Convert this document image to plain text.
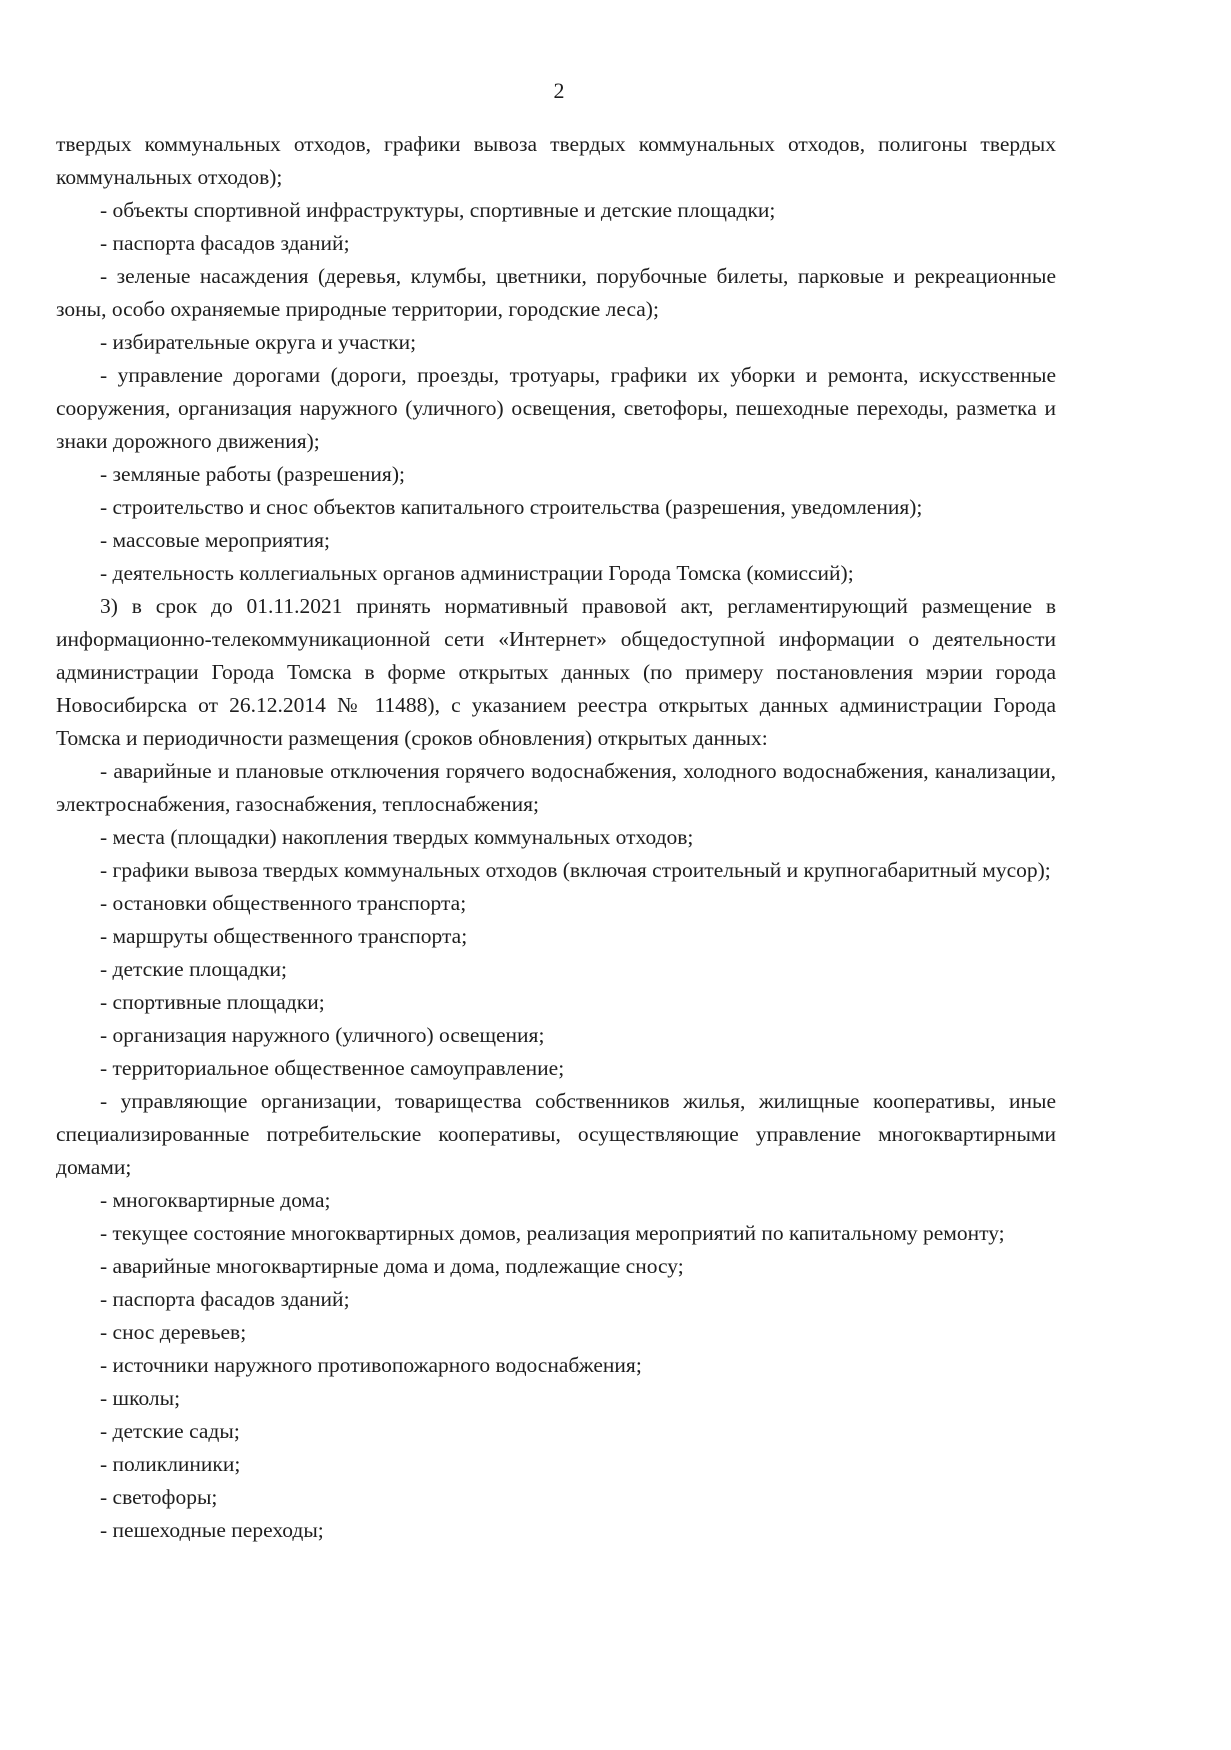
2

твердых коммунальных отходов, графики вывоза твердых коммунальных отходов, полигоны твердых коммунальных отходов);

- объекты спортивной инфраструктуры, спортивные и детские площадки;

- паспорта фасадов зданий;

- зеленые насаждения (деревья, клумбы, цветники, порубочные билеты, парковые и рекреационные зоны, особо охраняемые природные территории, городские леса);

- избирательные округа и участки;

- управление дорогами (дороги, проезды, тротуары, графики их уборки и ремонта, искусственные сооружения, организация наружного (уличного) освещения, светофоры, пешеходные переходы, разметка и знаки дорожного движения);

- земляные работы (разрешения);

- строительство и снос объектов капитального строительства (разрешения, уведомления);

- массовые мероприятия;

- деятельность коллегиальных органов администрации Города Томска (комиссий);

3) в срок до 01.11.2021 принять нормативный правовой акт, регламентирующий размещение в информационно-телекоммуникационной сети «Интернет» общедоступной информации о деятельности администрации Города Томска в форме открытых данных (по примеру постановления мэрии города Новосибирска от 26.12.2014 № 11488), с указанием реестра открытых данных администрации Города Томска и периодичности размещения (сроков обновления) открытых данных:

- аварийные и плановые отключения горячего водоснабжения, холодного водоснабжения, канализации, электроснабжения, газоснабжения, теплоснабжения;

- места (площадки) накопления твердых коммунальных отходов;

- графики вывоза твердых коммунальных отходов (включая строительный и крупногабаритный мусор);

- остановки общественного транспорта;

- маршруты общественного транспорта;

- детские площадки;

- спортивные площадки;

- организация наружного (уличного) освещения;

- территориальное общественное самоуправление;

- управляющие организации, товарищества собственников жилья, жилищные кооперативы, иные специализированные потребительские кооперативы, осуществляющие управление многоквартирными домами;

- многоквартирные дома;

- текущее состояние многоквартирных домов, реализация мероприятий по капитальному ремонту;

- аварийные многоквартирные дома и дома, подлежащие сносу;

- паспорта фасадов зданий;

- снос деревьев;

- источники наружного противопожарного водоснабжения;

- школы;

- детские сады;

- поликлиники;

- светофоры;

- пешеходные переходы;
